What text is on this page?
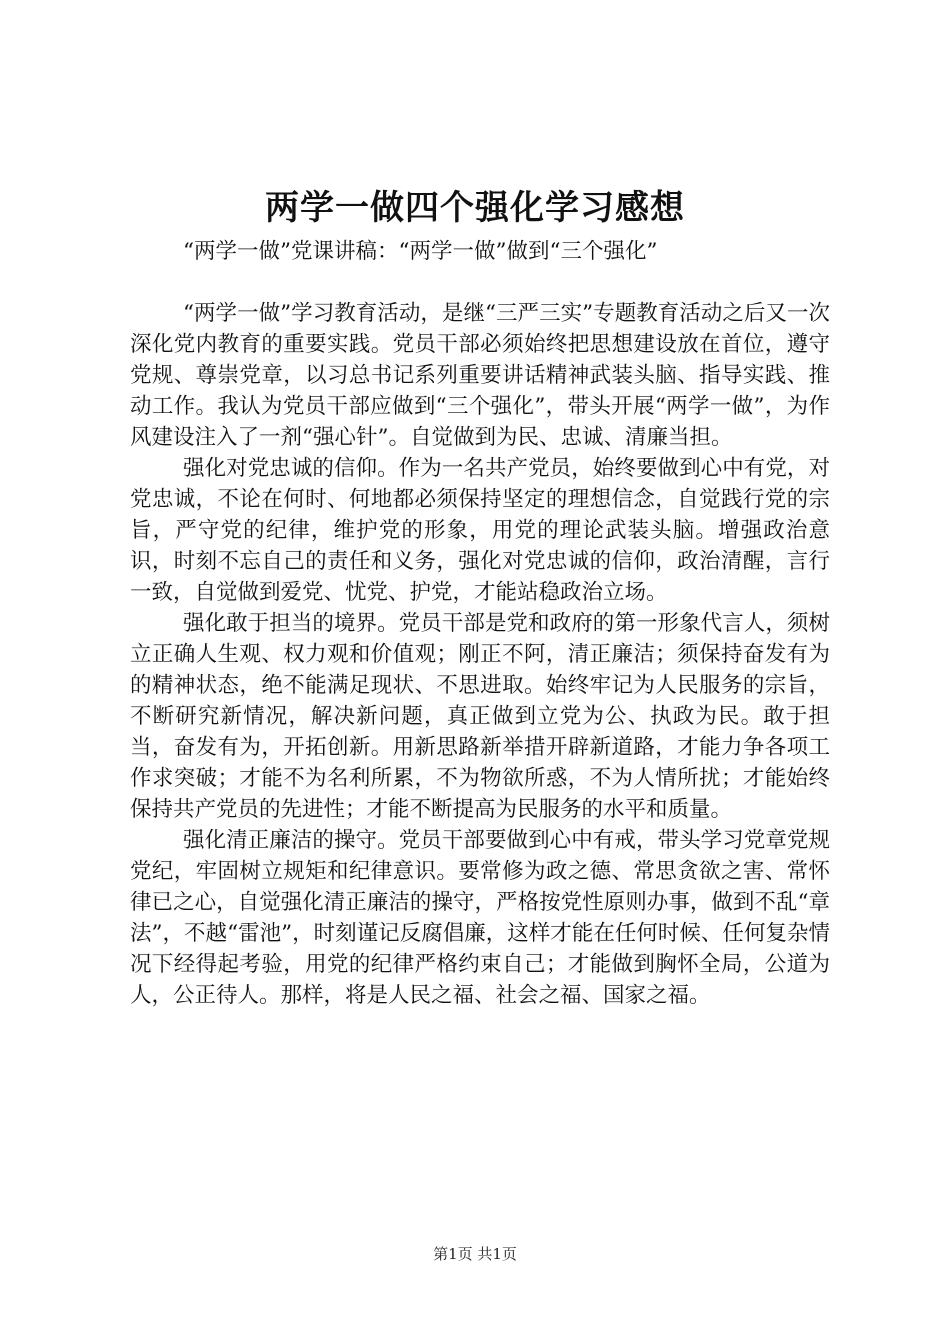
两学一做四个强化学习感想
“两学一做”党课讲稿：“两学一做”做到“三个强化”

“两学一做”学习教育活动，是继“三严三实”专题教育活动之后又一次深化党内教育的重要实践。党员干部必须始终把思想建设放在首位，遵守党规、尊崇党章，以习总书记系列重要讲话精神武装头脑、指导实践、推动工作。我认为党员干部应做到“三个强化”，带头开展“两学一做”，为作风建设注入了一剂“强心针”。自觉做到为民、忠诚、清廉当担。

强化对党忠诚的信仰。作为一名共产党员，始终要做到心中有党，对党忠诚，不论在何时、何地都必须保持坚定的理想信念，自觉践行党的宗旨，严守党的纪律，维护党的形象，用党的理论武装头脑。增强政治意识，时刻不忘自己的责任和义务，强化对党忠诚的信仰，政治清醒，言行一致，自觉做到爱党、忧党、护党，才能站稳政治立场。

强化敢于担当的境界。党员干部是党和政府的第一形象代言人，须树立正确人生观、权力观和价值观；刚正不阿，清正廉洁；须保持奋发有为的精神状态，绝不能满足现状、不思进取。始终牢记为人民服务的宗旨，不断研究新情况，解决新问题，真正做到立党为公、执政为民。敢于担当，奋发有为，开拓创新。用新思路新举措开辟新道路，才能力争各项工作求突破；才能不为名利所累，不为物欲所惑，不为人情所扰；才能始终保持共产党员的先进性；才能不断提高为民服务的水平和质量。

强化清正廉洁的操守。党员干部要做到心中有戒，带头学习党章党规党纪，牢固树立规矩和纪律意识。要常修为政之德、常思贪欲之害、常怀律已之心，自觉强化清正廉洁的操守，严格按党性原则办事，做到不乱“章法”，不越“雷池”，时刻谨记反腐倡廉，这样才能在任何时候、任何复杂情况下经得起考验，用党的纪律严格约束自己；才能做到胸怀全局，公道为人，公正待人。那样，将是人民之福、社会之福、国家之福。

第1页 共1页
